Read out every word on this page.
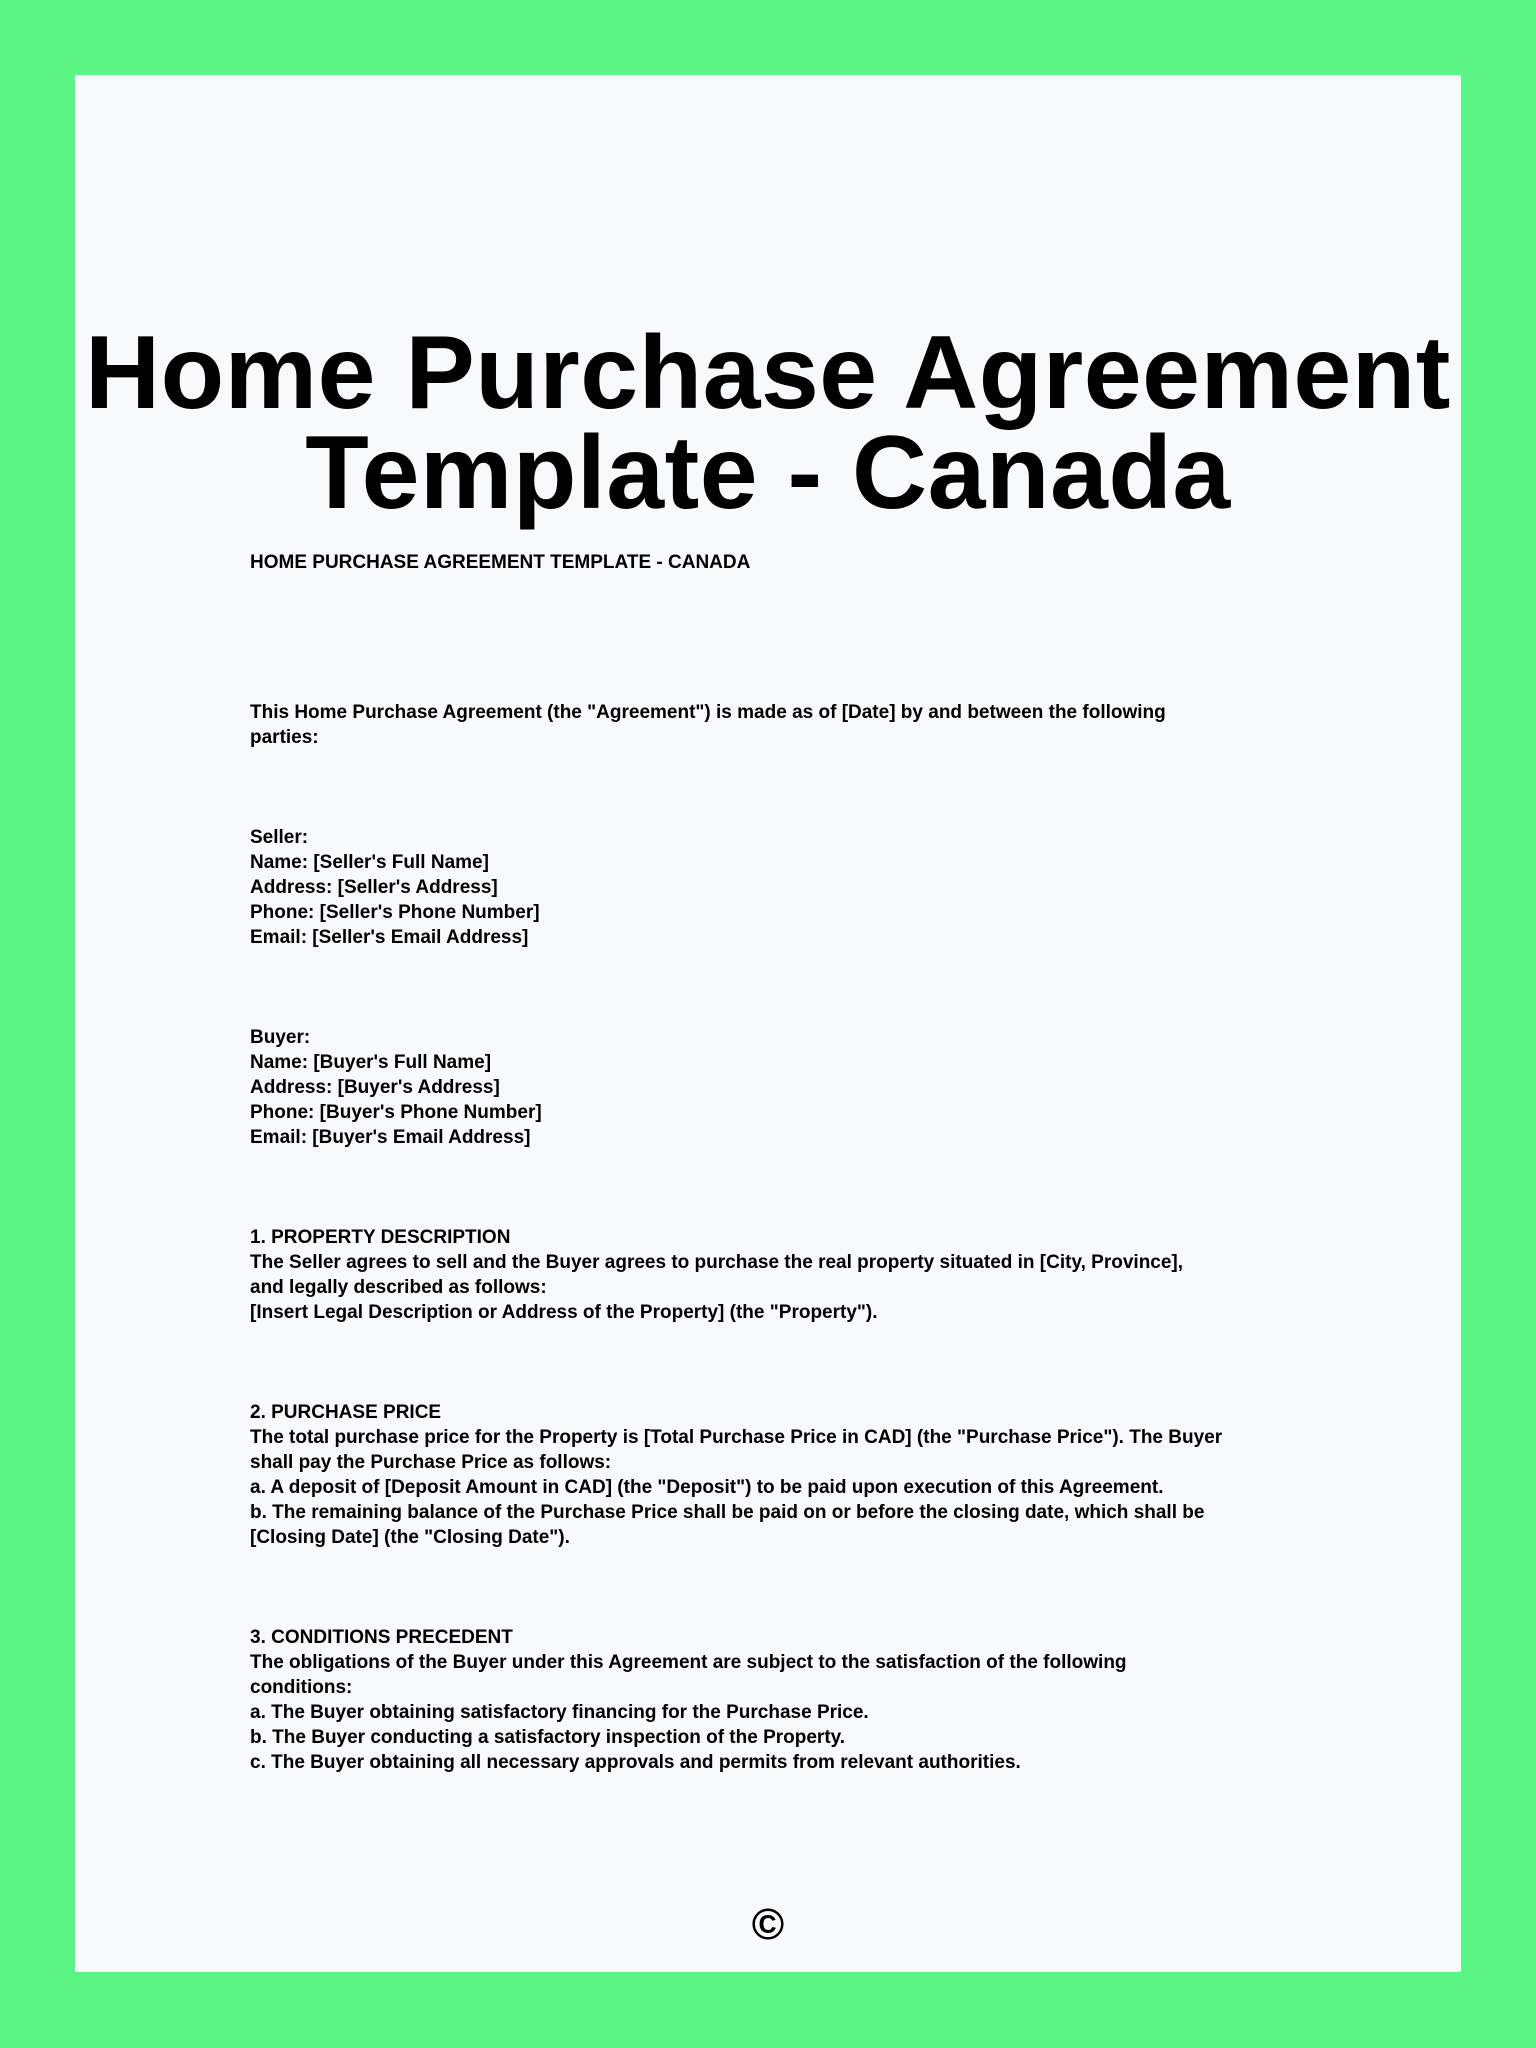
Home Purchase Agreement
Template - Canada
HOME PURCHASE AGREEMENT TEMPLATE - CANADA
This Home Purchase Agreement (the "Agreement") is made as of [Date] by and between the following
parties:
Seller:
Name: [Seller's Full Name]
Address: [Seller's Address]
Phone: [Seller's Phone Number]
Email: [Seller's Email Address]
Buyer:
Name: [Buyer's Full Name]
Address: [Buyer's Address]
Phone: [Buyer's Phone Number]
Email: [Buyer's Email Address]
1. PROPERTY DESCRIPTION
The Seller agrees to sell and the Buyer agrees to purchase the real property situated in [City, Province],
and legally described as follows:
[Insert Legal Description or Address of the Property] (the "Property").
2. PURCHASE PRICE
The total purchase price for the Property is [Total Purchase Price in CAD] (the "Purchase Price"). The Buyer
shall pay the Purchase Price as follows:
a. A deposit of [Deposit Amount in CAD] (the "Deposit") to be paid upon execution of this Agreement.
b. The remaining balance of the Purchase Price shall be paid on or before the closing date, which shall be
[Closing Date] (the "Closing Date").
3. CONDITIONS PRECEDENT
The obligations of the Buyer under this Agreement are subject to the satisfaction of the following
conditions:
a. The Buyer obtaining satisfactory financing for the Purchase Price.
b. The Buyer conducting a satisfactory inspection of the Property.
c. The Buyer obtaining all necessary approvals and permits from relevant authorities.
©
